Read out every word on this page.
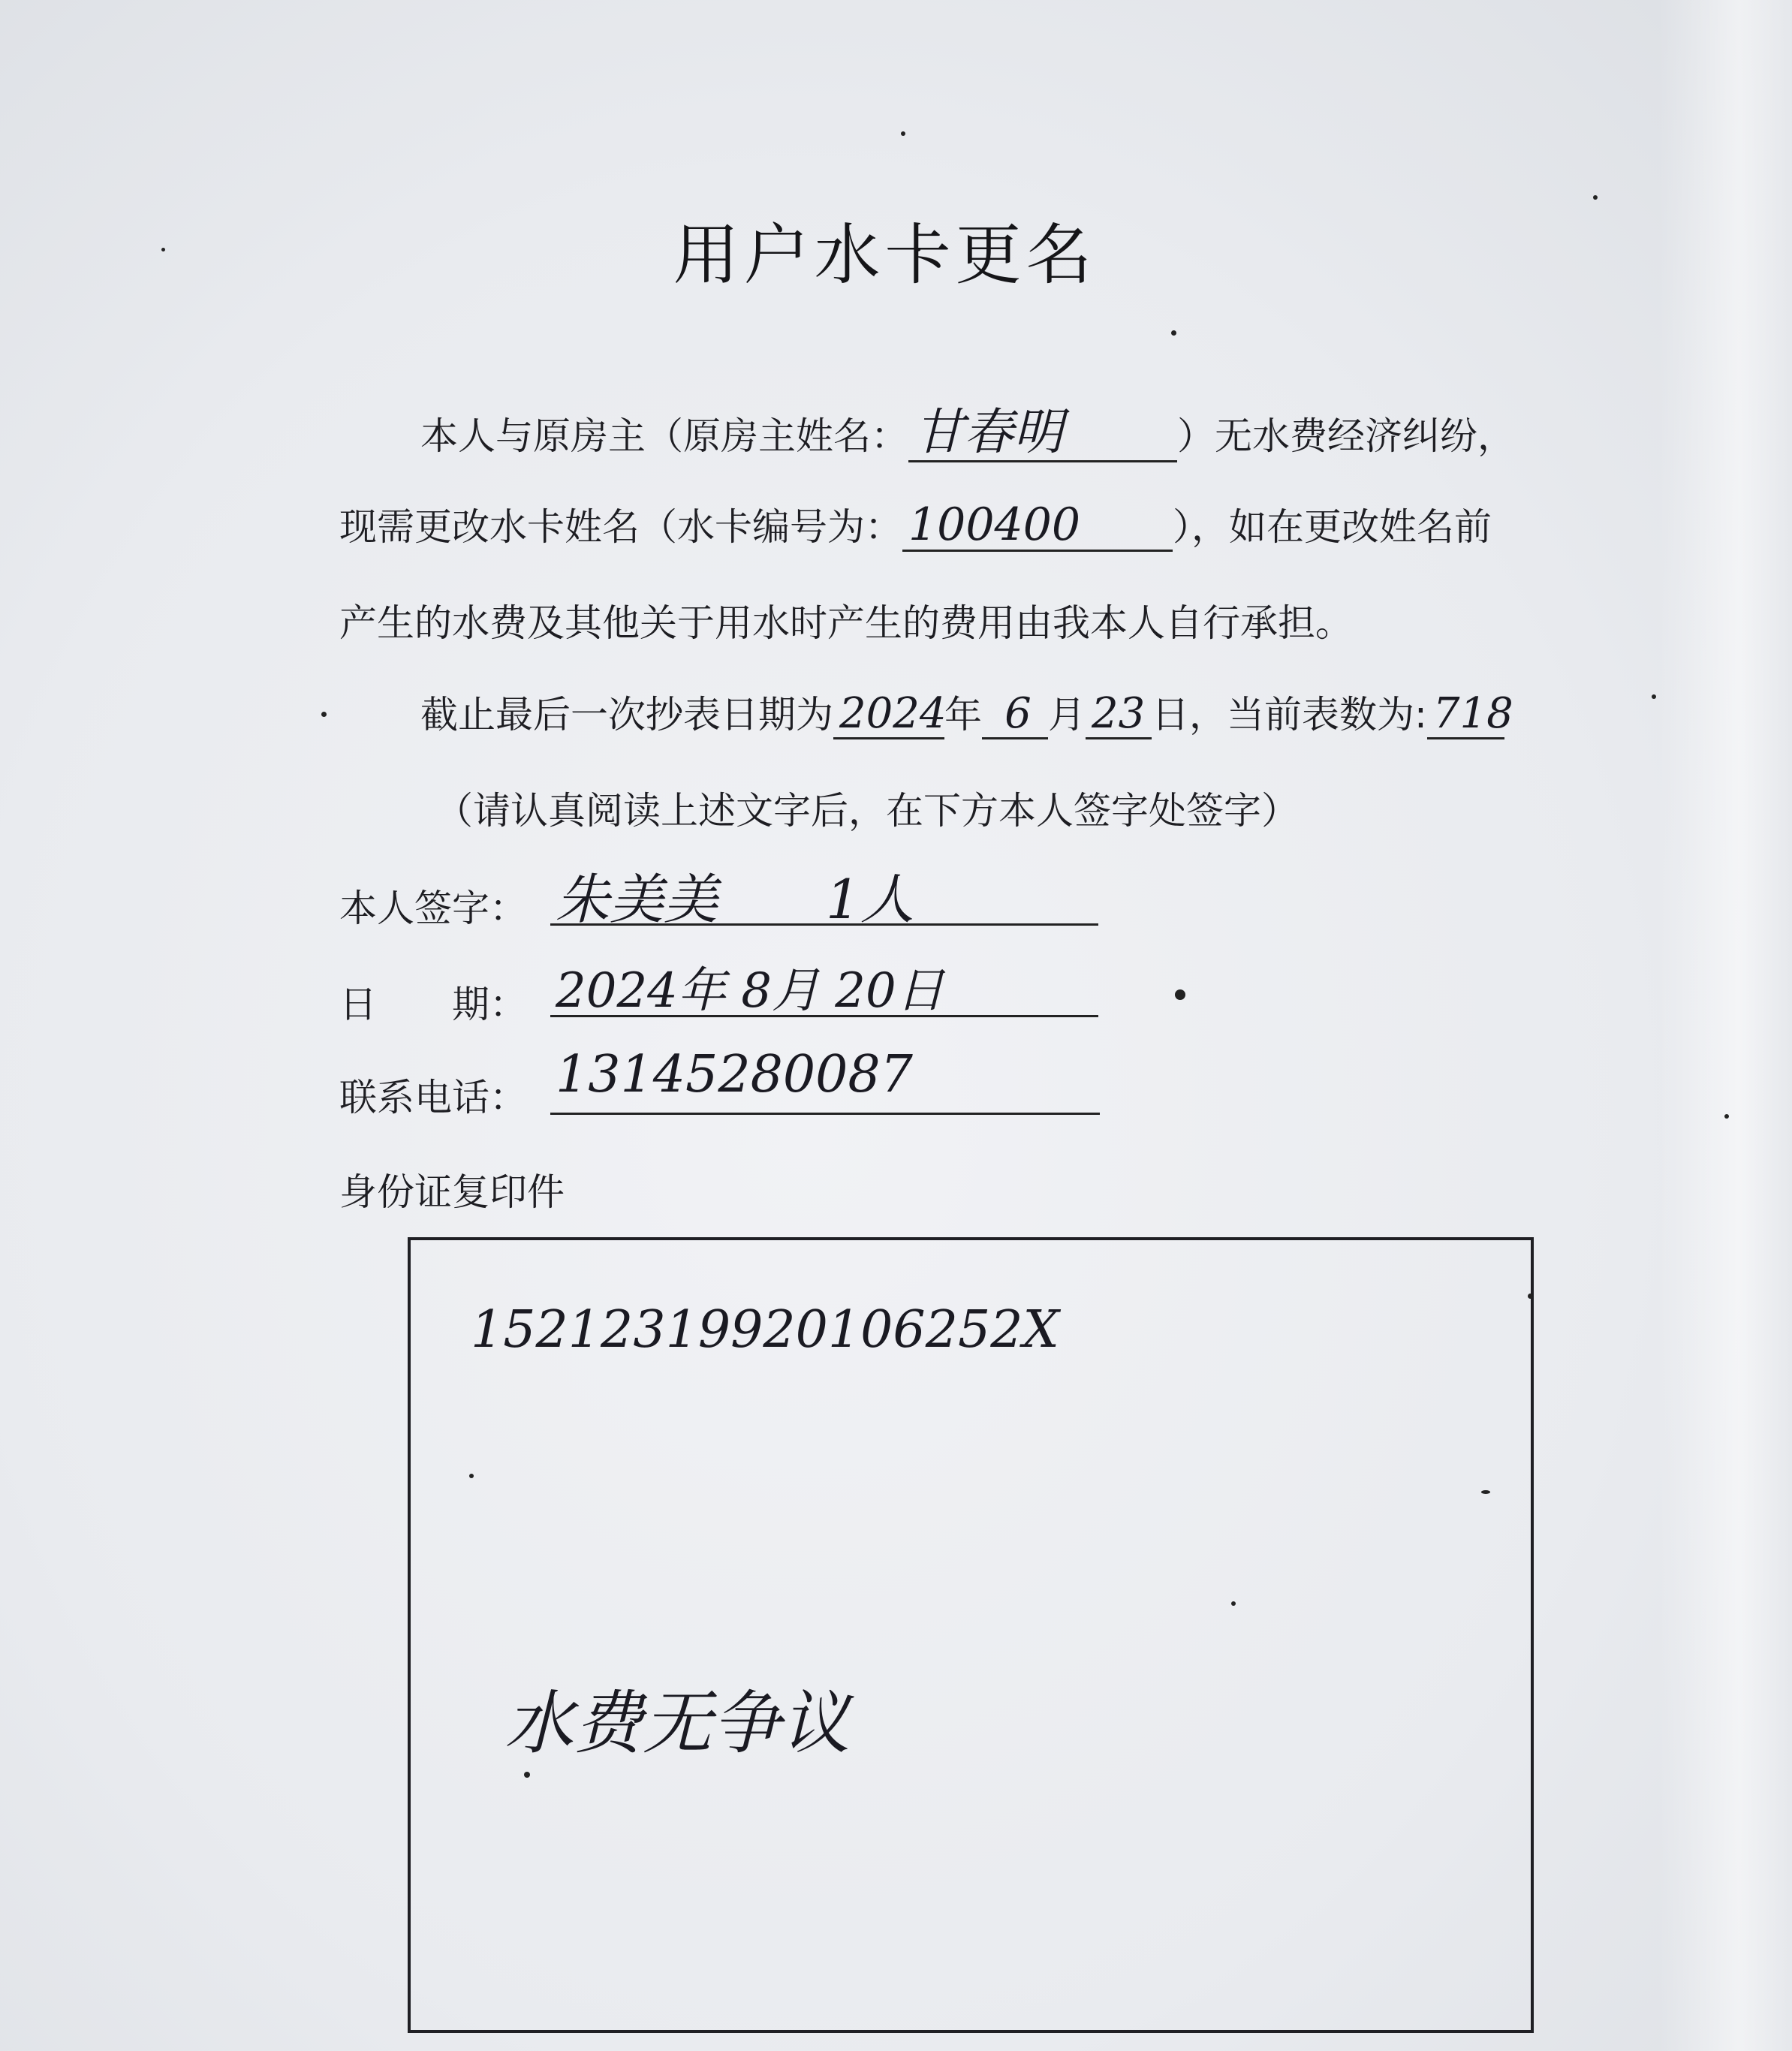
用户水卡更名
本人与原房主（原房主姓名： 甘春明	）无水费经济纠纷，
现需更改水卡姓名（水卡编号为： 100400 ），如在更改姓名前
产生的水费及其他关于用水时产生的费用由我本人自行承担。
截止最后一次抄表日期为 2024年 6 月 23 日，当前表数为: 718
（请认真阅读上述文字后，在下方本人签字处签字）
本人签字： 朱美美　　1人
日　　期： 2024年 8月 20日
联系电话： 13145280087
身份证复印件
15212319920106252X
水费无争议
